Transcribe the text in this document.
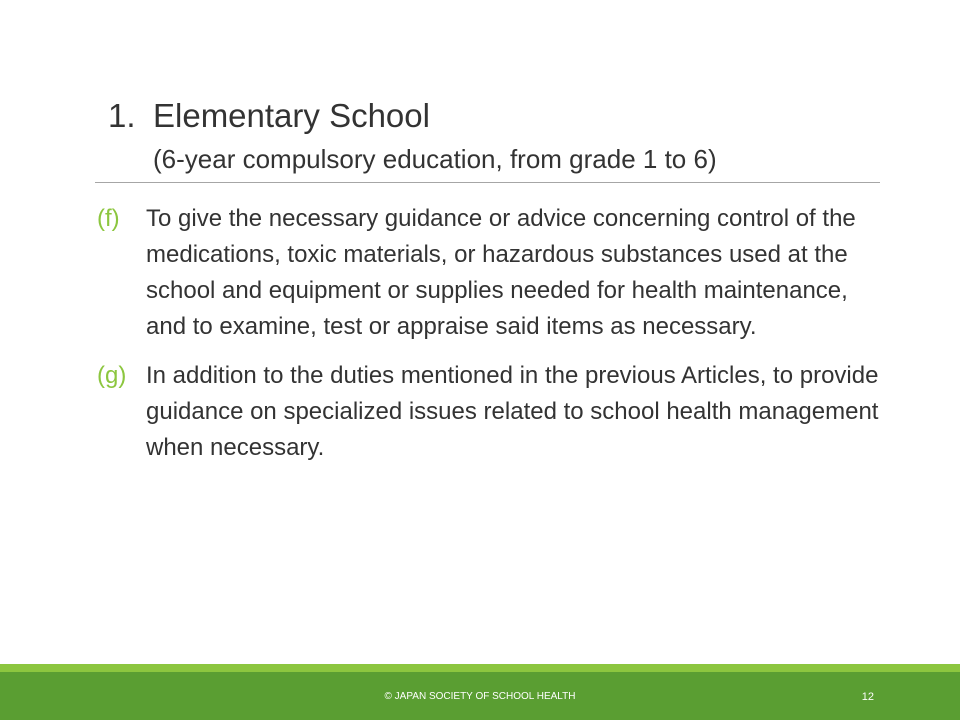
1. Elementary School
(6-year compulsory education, from grade 1 to 6)
(f) To give the necessary guidance or advice concerning control of the medications, toxic materials, or hazardous substances used at the school and equipment or supplies needed for health maintenance, and to examine, test or appraise said items as necessary.
(g) In addition to the duties mentioned in the previous Articles, to provide guidance on specialized issues related to school health management when necessary.
© JAPAN SOCIETY OF SCHOOL HEALTH	12
